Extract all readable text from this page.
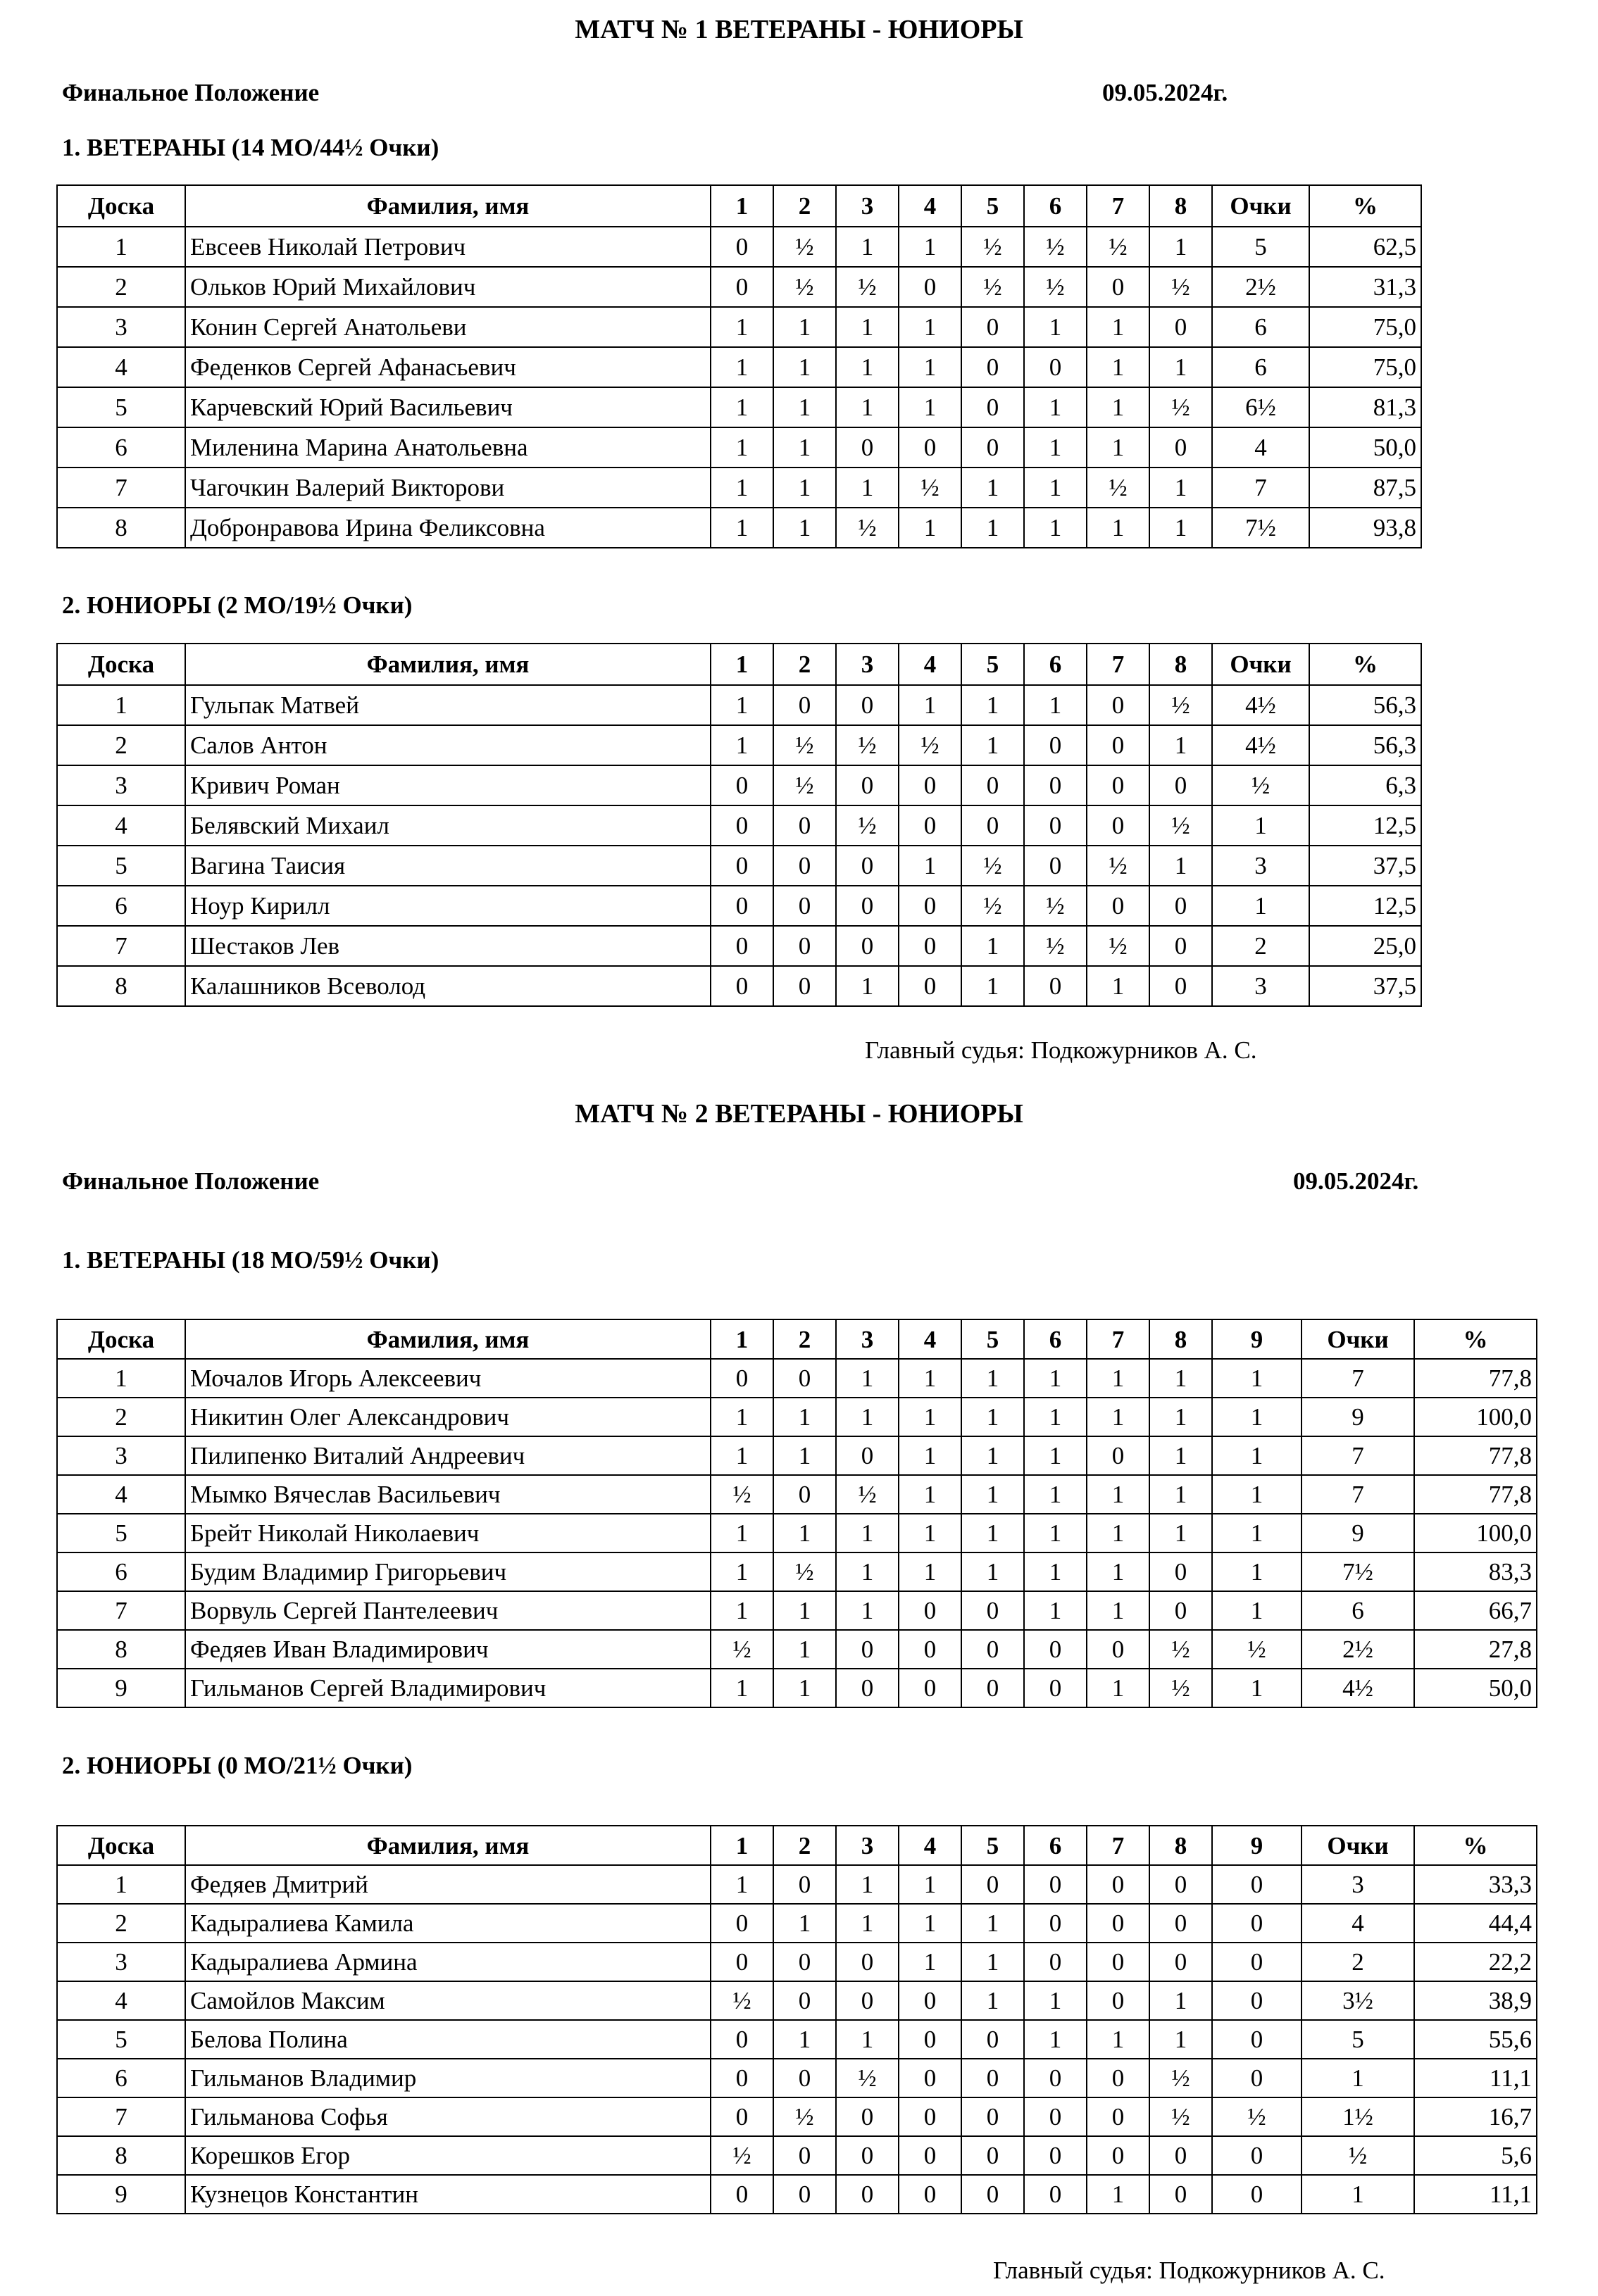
МАТЧ № 1 ВЕТЕРАНЫ - ЮНИОРЫ
Финальное Положение	09.05.2024г.
1. ВЕТЕРАНЫ (14 МО/44½ Очки)
Доска	Фамилия, имя	1	2	3	4	5	6	7	8	Очки	%
1	Евсеев Николай Петрович	0	½	1	1	½	½	½	1	5	62,5
2	Ольков Юрий Михайлович	0	½	½	0	½	½	0	½	2½	31,3
3	Конин Сергей Анатольеви	1	1	1	1	0	1	1	0	6	75,0
4	Феденков Сергей Афанасьевич	1	1	1	1	0	0	1	1	6	75,0
5	Карчевский Юрий Васильевич	1	1	1	1	0	1	1	½	6½	81,3
6	Миленина Марина Анатольевна	1	1	0	0	0	1	1	0	4	50,0
7	Чагочкин Валерий Викторови	1	1	1	½	1	1	½	1	7	87,5
8	Добронравова Ирина Феликсовна	1	1	½	1	1	1	1	1	7½	93,8
2. ЮНИОРЫ (2 МО/19½ Очки)
Доска	Фамилия, имя	1	2	3	4	5	6	7	8	Очки	%
1	Гульпак Матвей	1	0	0	1	1	1	0	½	4½	56,3
2	Салов Антон	1	½	½	½	1	0	0	1	4½	56,3
3	Кривич Роман	0	½	0	0	0	0	0	0	½	6,3
4	Белявский Михаил	0	0	½	0	0	0	0	½	1	12,5
5	Вагина Таисия	0	0	0	1	½	0	½	1	3	37,5
6	Ноур Кирилл	0	0	0	0	½	½	0	0	1	12,5
7	Шестаков Лев	0	0	0	0	1	½	½	0	2	25,0
8	Калашников Всеволод	0	0	1	0	1	0	1	0	3	37,5
Главный судья: Подкожурников А. С.
МАТЧ № 2 ВЕТЕРАНЫ - ЮНИОРЫ
Финальное Положение	09.05.2024г.
1. ВЕТЕРАНЫ (18 МО/59½ Очки)
Доска	Фамилия, имя	1	2	3	4	5	6	7	8	9	Очки	%
1	Мочалов Игорь Алексеевич	0	0	1	1	1	1	1	1	1	7	77,8
2	Никитин Олег Александрович	1	1	1	1	1	1	1	1	1	9	100,0
3	Пилипенко Виталий Андреевич	1	1	0	1	1	1	0	1	1	7	77,8
4	Мымко Вячеслав Васильевич	½	0	½	1	1	1	1	1	1	7	77,8
5	Брейт Николай Николаевич	1	1	1	1	1	1	1	1	1	9	100,0
6	Будим Владимир Григорьевич	1	½	1	1	1	1	1	0	1	7½	83,3
7	Ворвуль Сергей Пантелеевич	1	1	1	0	0	1	1	0	1	6	66,7
8	Федяев Иван Владимирович	½	1	0	0	0	0	0	½	½	2½	27,8
9	Гильманов Сергей Владимирович	1	1	0	0	0	0	1	½	1	4½	50,0
2. ЮНИОРЫ (0 МО/21½ Очки)
Доска	Фамилия, имя	1	2	3	4	5	6	7	8	9	Очки	%
1	Федяев Дмитрий	1	0	1	1	0	0	0	0	0	3	33,3
2	Кадыралиева Камила	0	1	1	1	1	0	0	0	0	4	44,4
3	Кадыралиева Армина	0	0	0	1	1	0	0	0	0	2	22,2
4	Самойлов Максим	½	0	0	0	1	1	0	1	0	3½	38,9
5	Белова Полина	0	1	1	0	0	1	1	1	0	5	55,6
6	Гильманов Владимир	0	0	½	0	0	0	0	½	0	1	11,1
7	Гильманова Софья	0	½	0	0	0	0	0	½	½	1½	16,7
8	Корешков Егор	½	0	0	0	0	0	0	0	0	½	5,6
9	Кузнецов Константин	0	0	0	0	0	0	1	0	0	1	11,1
Главный судья: Подкожурников А. С.
